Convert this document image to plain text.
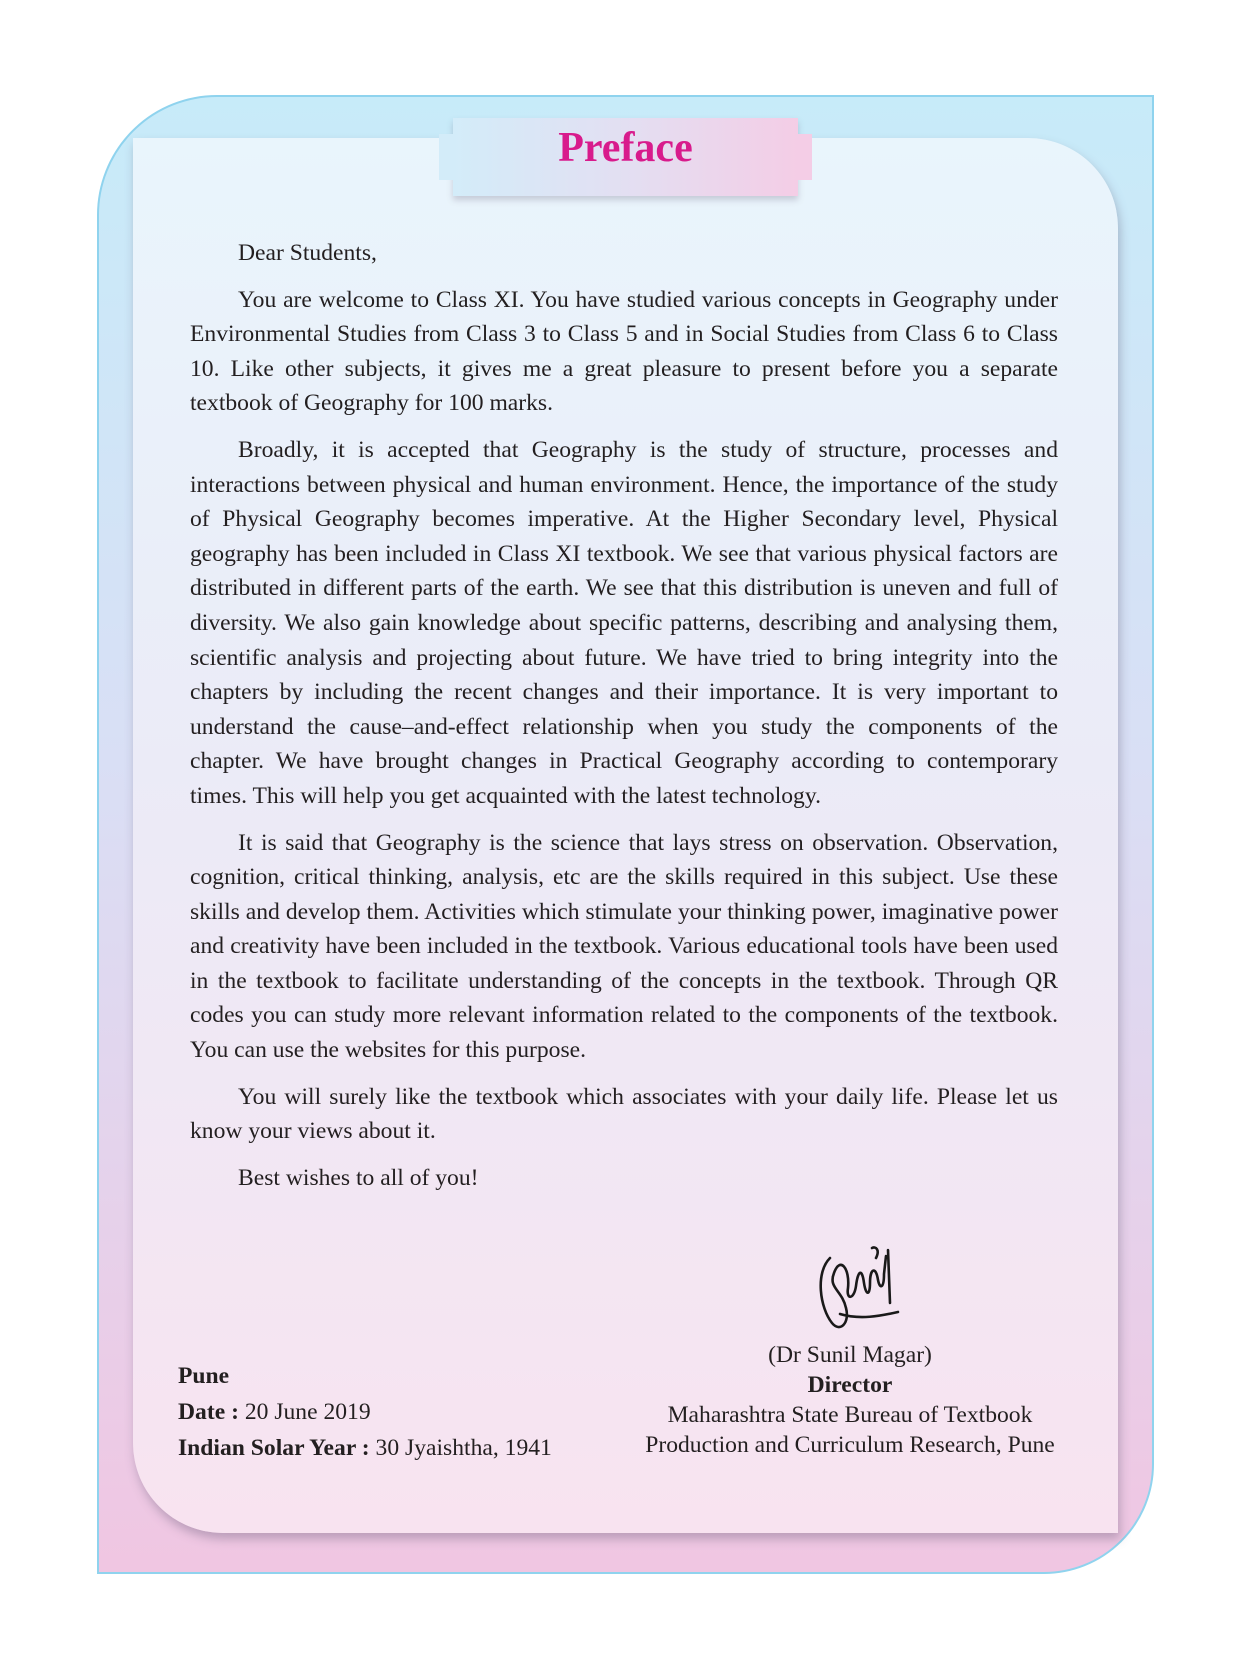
Preface

Dear Students,

You are welcome to Class XI. You have studied various concepts in Geography under Environmental Studies from Class 3 to Class 5 and in Social Studies from Class 6 to Class 10. Like other subjects, it gives me a great pleasure to present before you a separate textbook of Geography for 100 marks.

Broadly, it is accepted that Geography is the study of structure, processes and interactions between physical and human environment. Hence, the importance of the study of Physical Geography becomes imperative. At the Higher Secondary level, Physical geography has been included in Class XI textbook. We see that various physical factors are distributed in different parts of the earth. We see that this distribution is uneven and full of diversity. We also gain knowledge about specific patterns, describing and analysing them, scientific analysis and projecting about future. We have tried to bring integrity into the chapters by including the recent changes and their importance. It is very important to understand the cause–and-effect relationship when you study the components of the chapter. We have brought changes in Practical Geography according to contemporary times. This will help you get acquainted with the latest technology.

It is said that Geography is the science that lays stress on observation. Observation, cognition, critical thinking, analysis, etc are the skills required in this subject. Use these skills and develop them. Activities which stimulate your thinking power, imaginative power and creativity have been included in the textbook. Various educational tools have been used in the textbook to facilitate understanding of the concepts in the textbook. Through QR codes you can study more relevant information related to the components of the textbook. You can use the websites for this purpose.

You will surely like the textbook which associates with your daily life. Please let us know your views about it.

Best wishes to all of you!

(Dr Sunil Magar)
Director
Maharashtra State Bureau of Textbook
Production and Curriculum Research, Pune
Pune
Date : 20 June 2019
Indian Solar Year : 30 Jyaishtha, 1941
